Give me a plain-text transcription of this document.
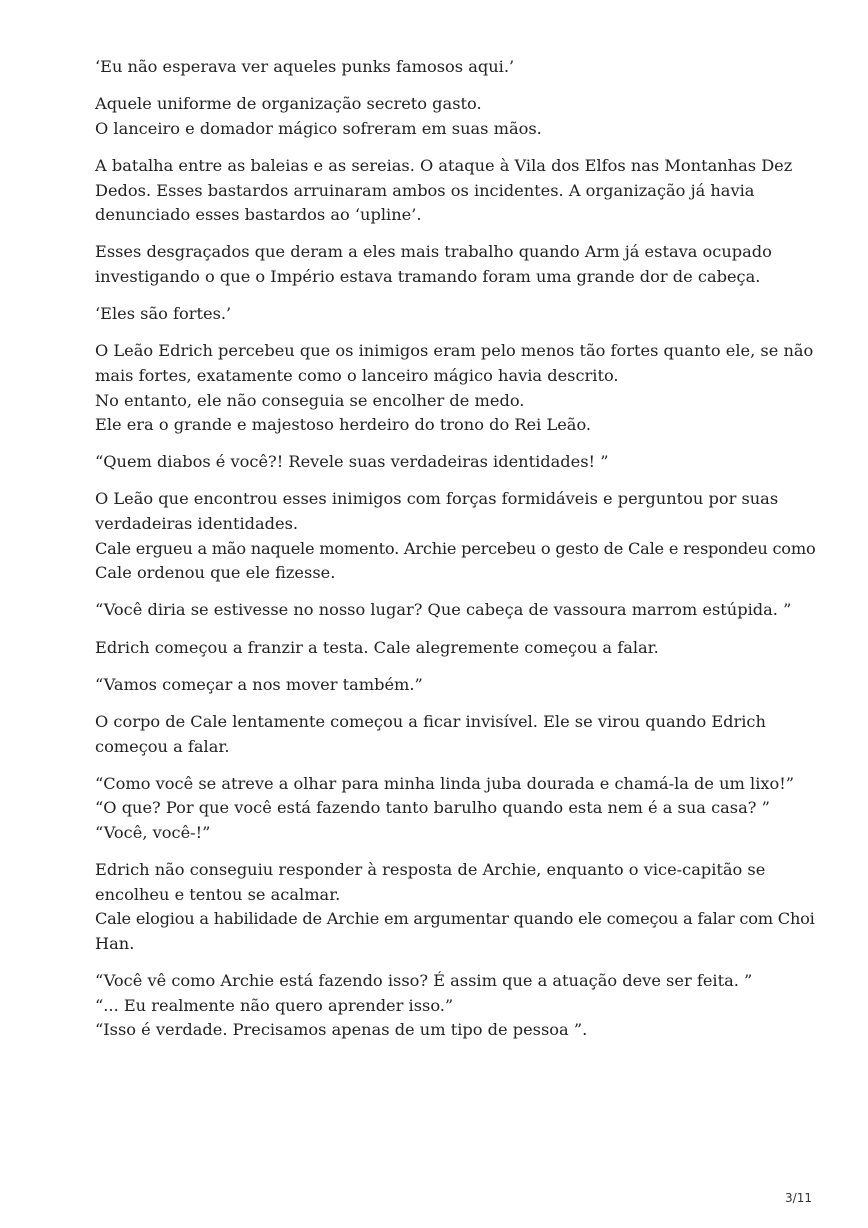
‘Eu não esperava ver aqueles punks famosos aqui.’

Aquele uniforme de organização secreto gasto.
O lanceiro e domador mágico sofreram em suas mãos.

A batalha entre as baleias e as sereias. O ataque à Vila dos Elfos nas Montanhas Dez
Dedos. Esses bastardos arruinaram ambos os incidentes. A organização já havia
denunciado esses bastardos ao ‘upline’.

Esses desgraçados que deram a eles mais trabalho quando Arm já estava ocupado
investigando o que o Império estava tramando foram uma grande dor de cabeça.

‘Eles são fortes.’

O Leão Edrich percebeu que os inimigos eram pelo menos tão fortes quanto ele, se não
mais fortes, exatamente como o lanceiro mágico havia descrito.
No entanto, ele não conseguia se encolher de medo.
Ele era o grande e majestoso herdeiro do trono do Rei Leão.

“Quem diabos é você?! Revele suas verdadeiras identidades! ”

O Leão que encontrou esses inimigos com forças formidáveis e perguntou por suas
verdadeiras identidades.
Cale ergueu a mão naquele momento. Archie percebeu o gesto de Cale e respondeu como
Cale ordenou que ele fizesse.

“Você diria se estivesse no nosso lugar? Que cabeça de vassoura marrom estúpida. ”

Edrich começou a franzir a testa. Cale alegremente começou a falar.

“Vamos começar a nos mover também.”

O corpo de Cale lentamente começou a ficar invisível. Ele se virou quando Edrich
começou a falar.

“Como você se atreve a olhar para minha linda juba dourada e chamá-la de um lixo!”
“O que? Por que você está fazendo tanto barulho quando esta nem é a sua casa? ”
“Você, você-!”

Edrich não conseguiu responder à resposta de Archie, enquanto o vice-capitão se
encolheu e tentou se acalmar.
Cale elogiou a habilidade de Archie em argumentar quando ele começou a falar com Choi
Han.

“Você vê como Archie está fazendo isso? É assim que a atuação deve ser feita. ”
“... Eu realmente não quero aprender isso.”
“Isso é verdade. Precisamos apenas de um tipo de pessoa ”.

3/11
